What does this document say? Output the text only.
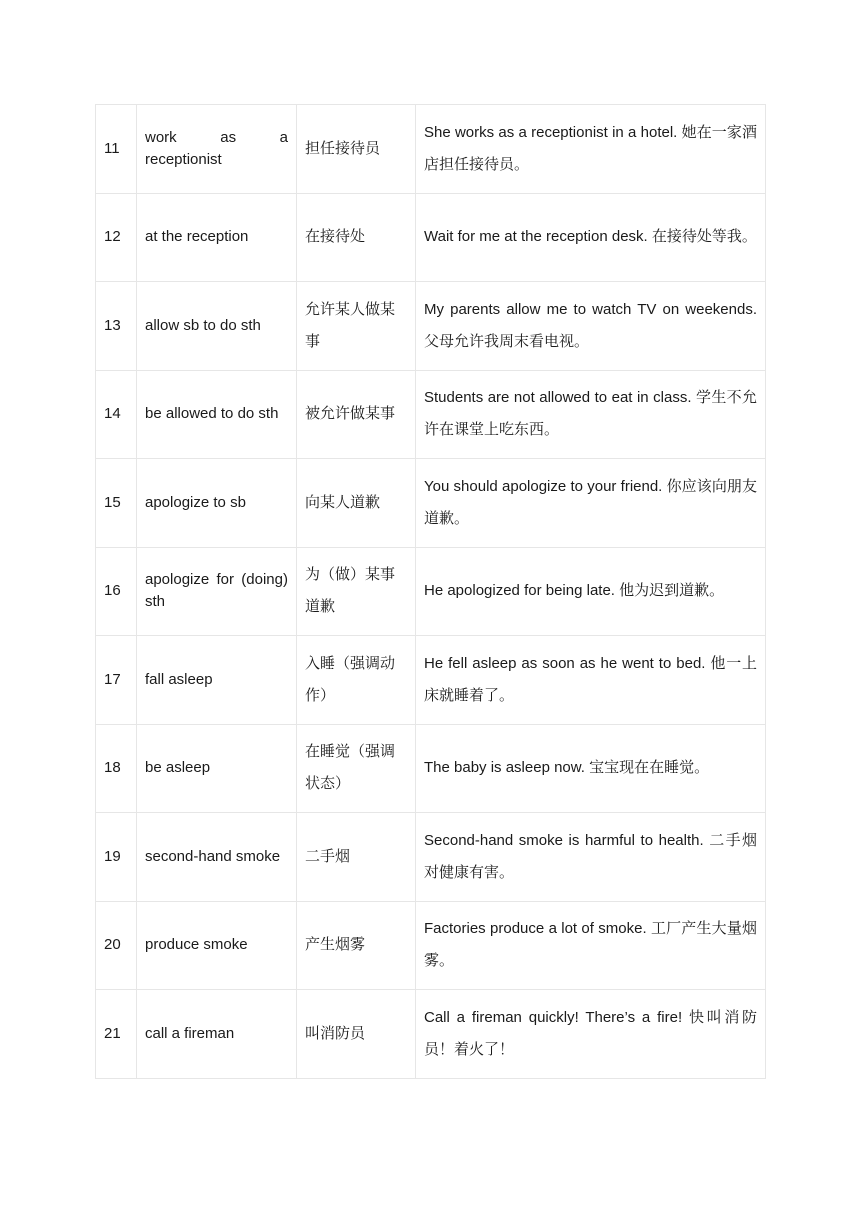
11	work as a receptionist	担任接待员	She works as a receptionist in a hotel. 她在一家酒店担任接待员。
12	at the reception	在接待处	Wait for me at the reception desk. 在接待处等我。
13	allow sb to do sth	允许某人做某事	My parents allow me to watch TV on weekends. 父母允许我周末看电视。
14	be allowed to do sth	被允许做某事	Students are not allowed to eat in class. 学生不允许在课堂上吃东西。
15	apologize to sb	向某人道歉	You should apologize to your friend. 你应该向朋友道歉。
16	apologize for (doing) sth	为（做）某事道歉	He apologized for being late. 他为迟到道歉。
17	fall asleep	入睡（强调动作）	He fell asleep as soon as he went to bed. 他一上床就睡着了。
18	be asleep	在睡觉（强调状态）	The baby is asleep now. 宝宝现在在睡觉。
19	second-hand smoke	二手烟	Second-hand smoke is harmful to health. 二手烟对健康有害。
20	produce smoke	产生烟雾	Factories produce a lot of smoke. 工厂产生大量烟雾。
21	call a fireman	叫消防员	Call a fireman quickly! There’s a fire! 快叫消防员！着火了！
